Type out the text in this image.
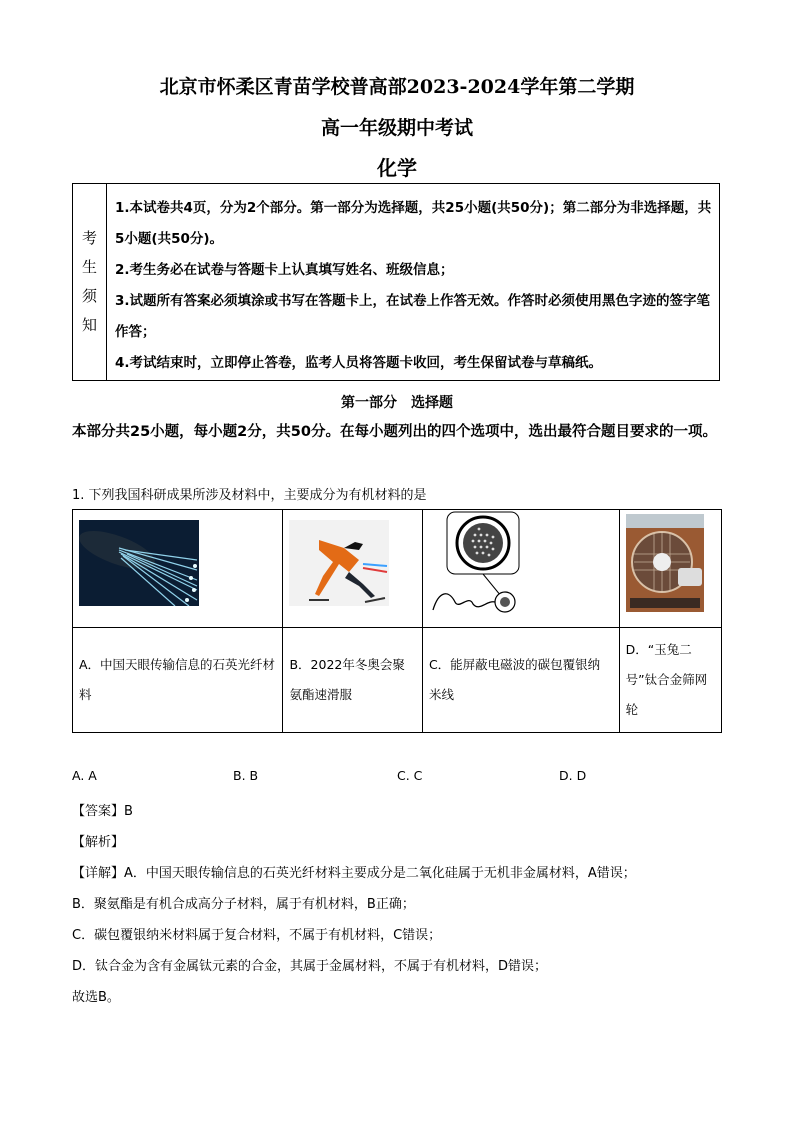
北京市怀柔区青苗学校普高部2023-2024学年第二学期
高一年级期中考试
化学
考
生
须
知
1.本试卷共4页，分为2个部分。第一部分为选择题，共25小题(共50分)；第二部分为非选择题，共5小题(共50分)。
2.考生务必在试卷与答题卡上认真填写姓名、班级信息；
3.试题所有答案必须填涂或书写在答题卡上，在试卷上作答无效。作答时必须使用黑色字迹的签字笔作答；
4.考试结束时，立即停止答卷，监考人员将答题卡收回，考生保留试卷与草稿纸。
第一部分　选择题
本部分共25小题，每小题2分，共50分。在每小题列出的四个选项中，选出最符合题目要求的一项。
1. 下列我国科研成果所涉及材料中，主要成分为有机材料的是

A．中国天眼传输信息的石英光纤材料	B．2022年冬奥会聚氨酯速滑服	C．能屏蔽电磁波的碳包覆银纳米线	D．“玉兔二号”钛合金筛网轮
A. A	B. B	C. C	D. D
【答案】B
【解析】
【详解】A．中国天眼传输信息的石英光纤材料主要成分是二氧化硅属于无机非金属材料，A错误；
B．聚氨酯是有机合成高分子材料，属于有机材料，B正确；
C．碳包覆银纳米材料属于复合材料，不属于有机材料，C错误；
D．钛合金为含有金属钛元素的合金，其属于金属材料，不属于有机材料，D错误；
故选B。
